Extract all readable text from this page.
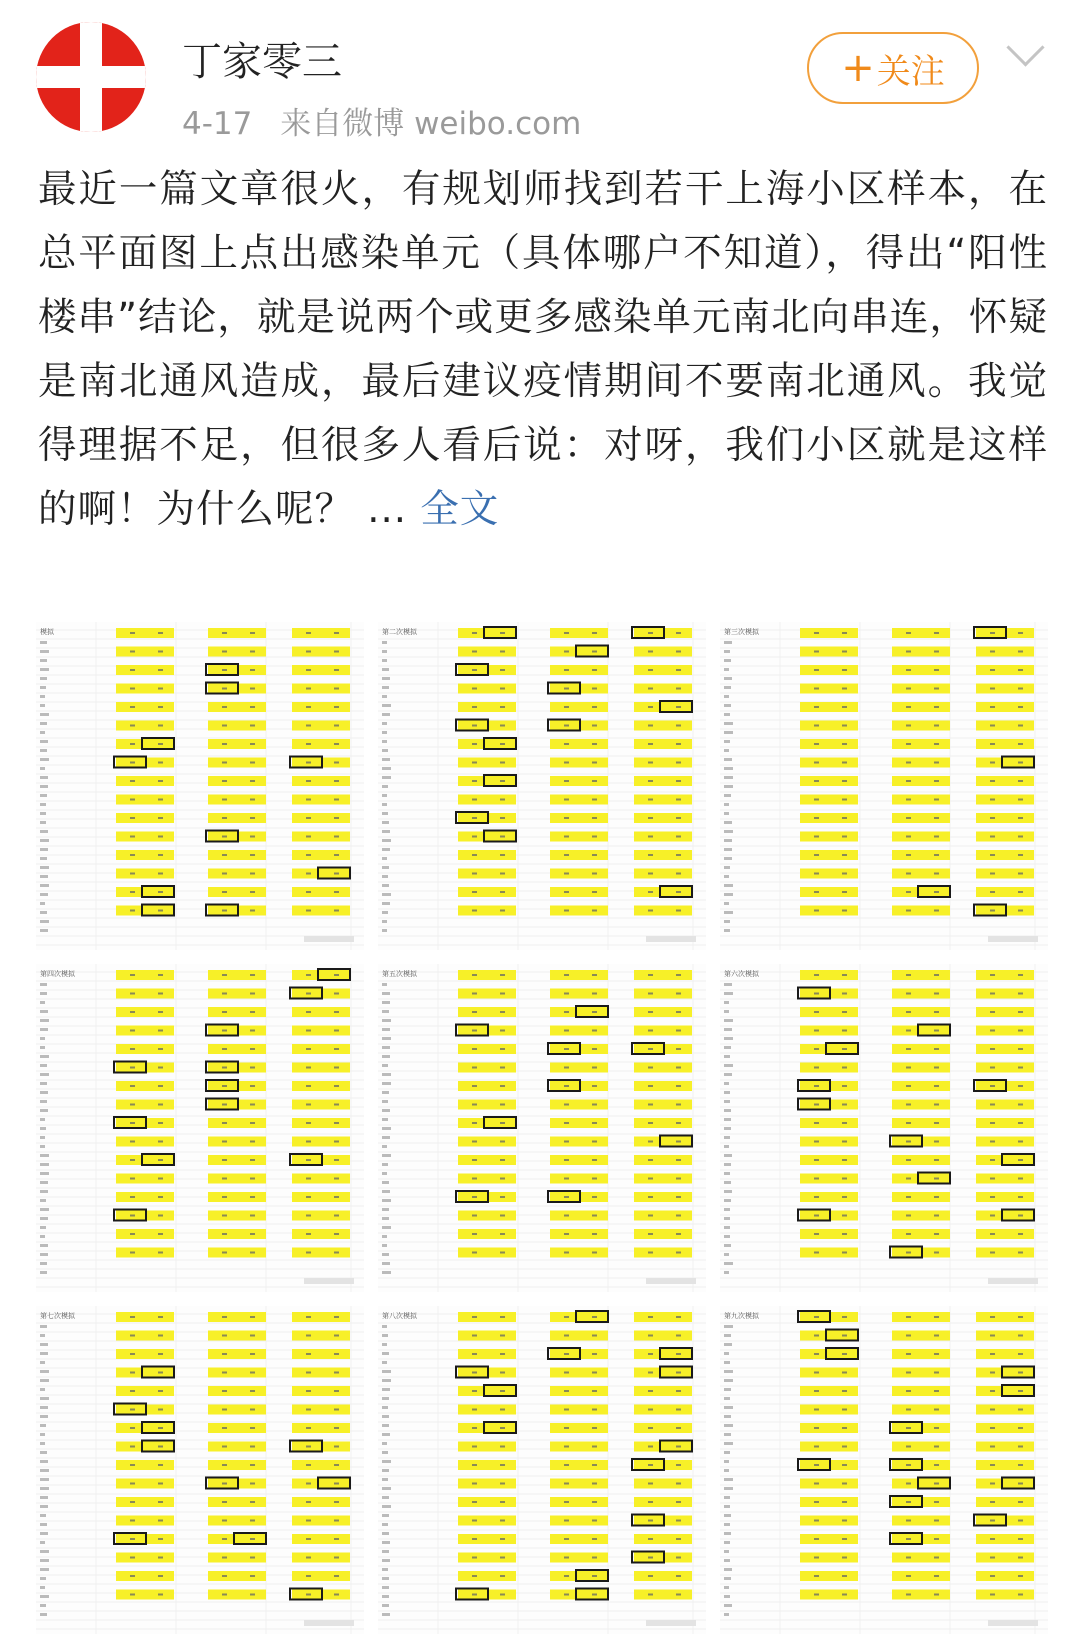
丁家零三
4-17 来自微博 weibo.com
+ 关注
最近一篇文章很火，有规划师找到若干上海小区样本，在总平面图上点出感染单元（具体哪户不知道），得出“阳性楼串”结论，就是说两个或更多感染单元南北向串连，怀疑是南北通风造成，最后建议疫情期间不要南北通风。我觉得理据不足，但很多人看后说：对呀，我们小区就是这样的啊！为什么呢？ ... 全文
模拟	第二次模拟	第三次模拟
第四次模拟	第五次模拟	第六次模拟
第七次模拟	第八次模拟	第九次模拟
